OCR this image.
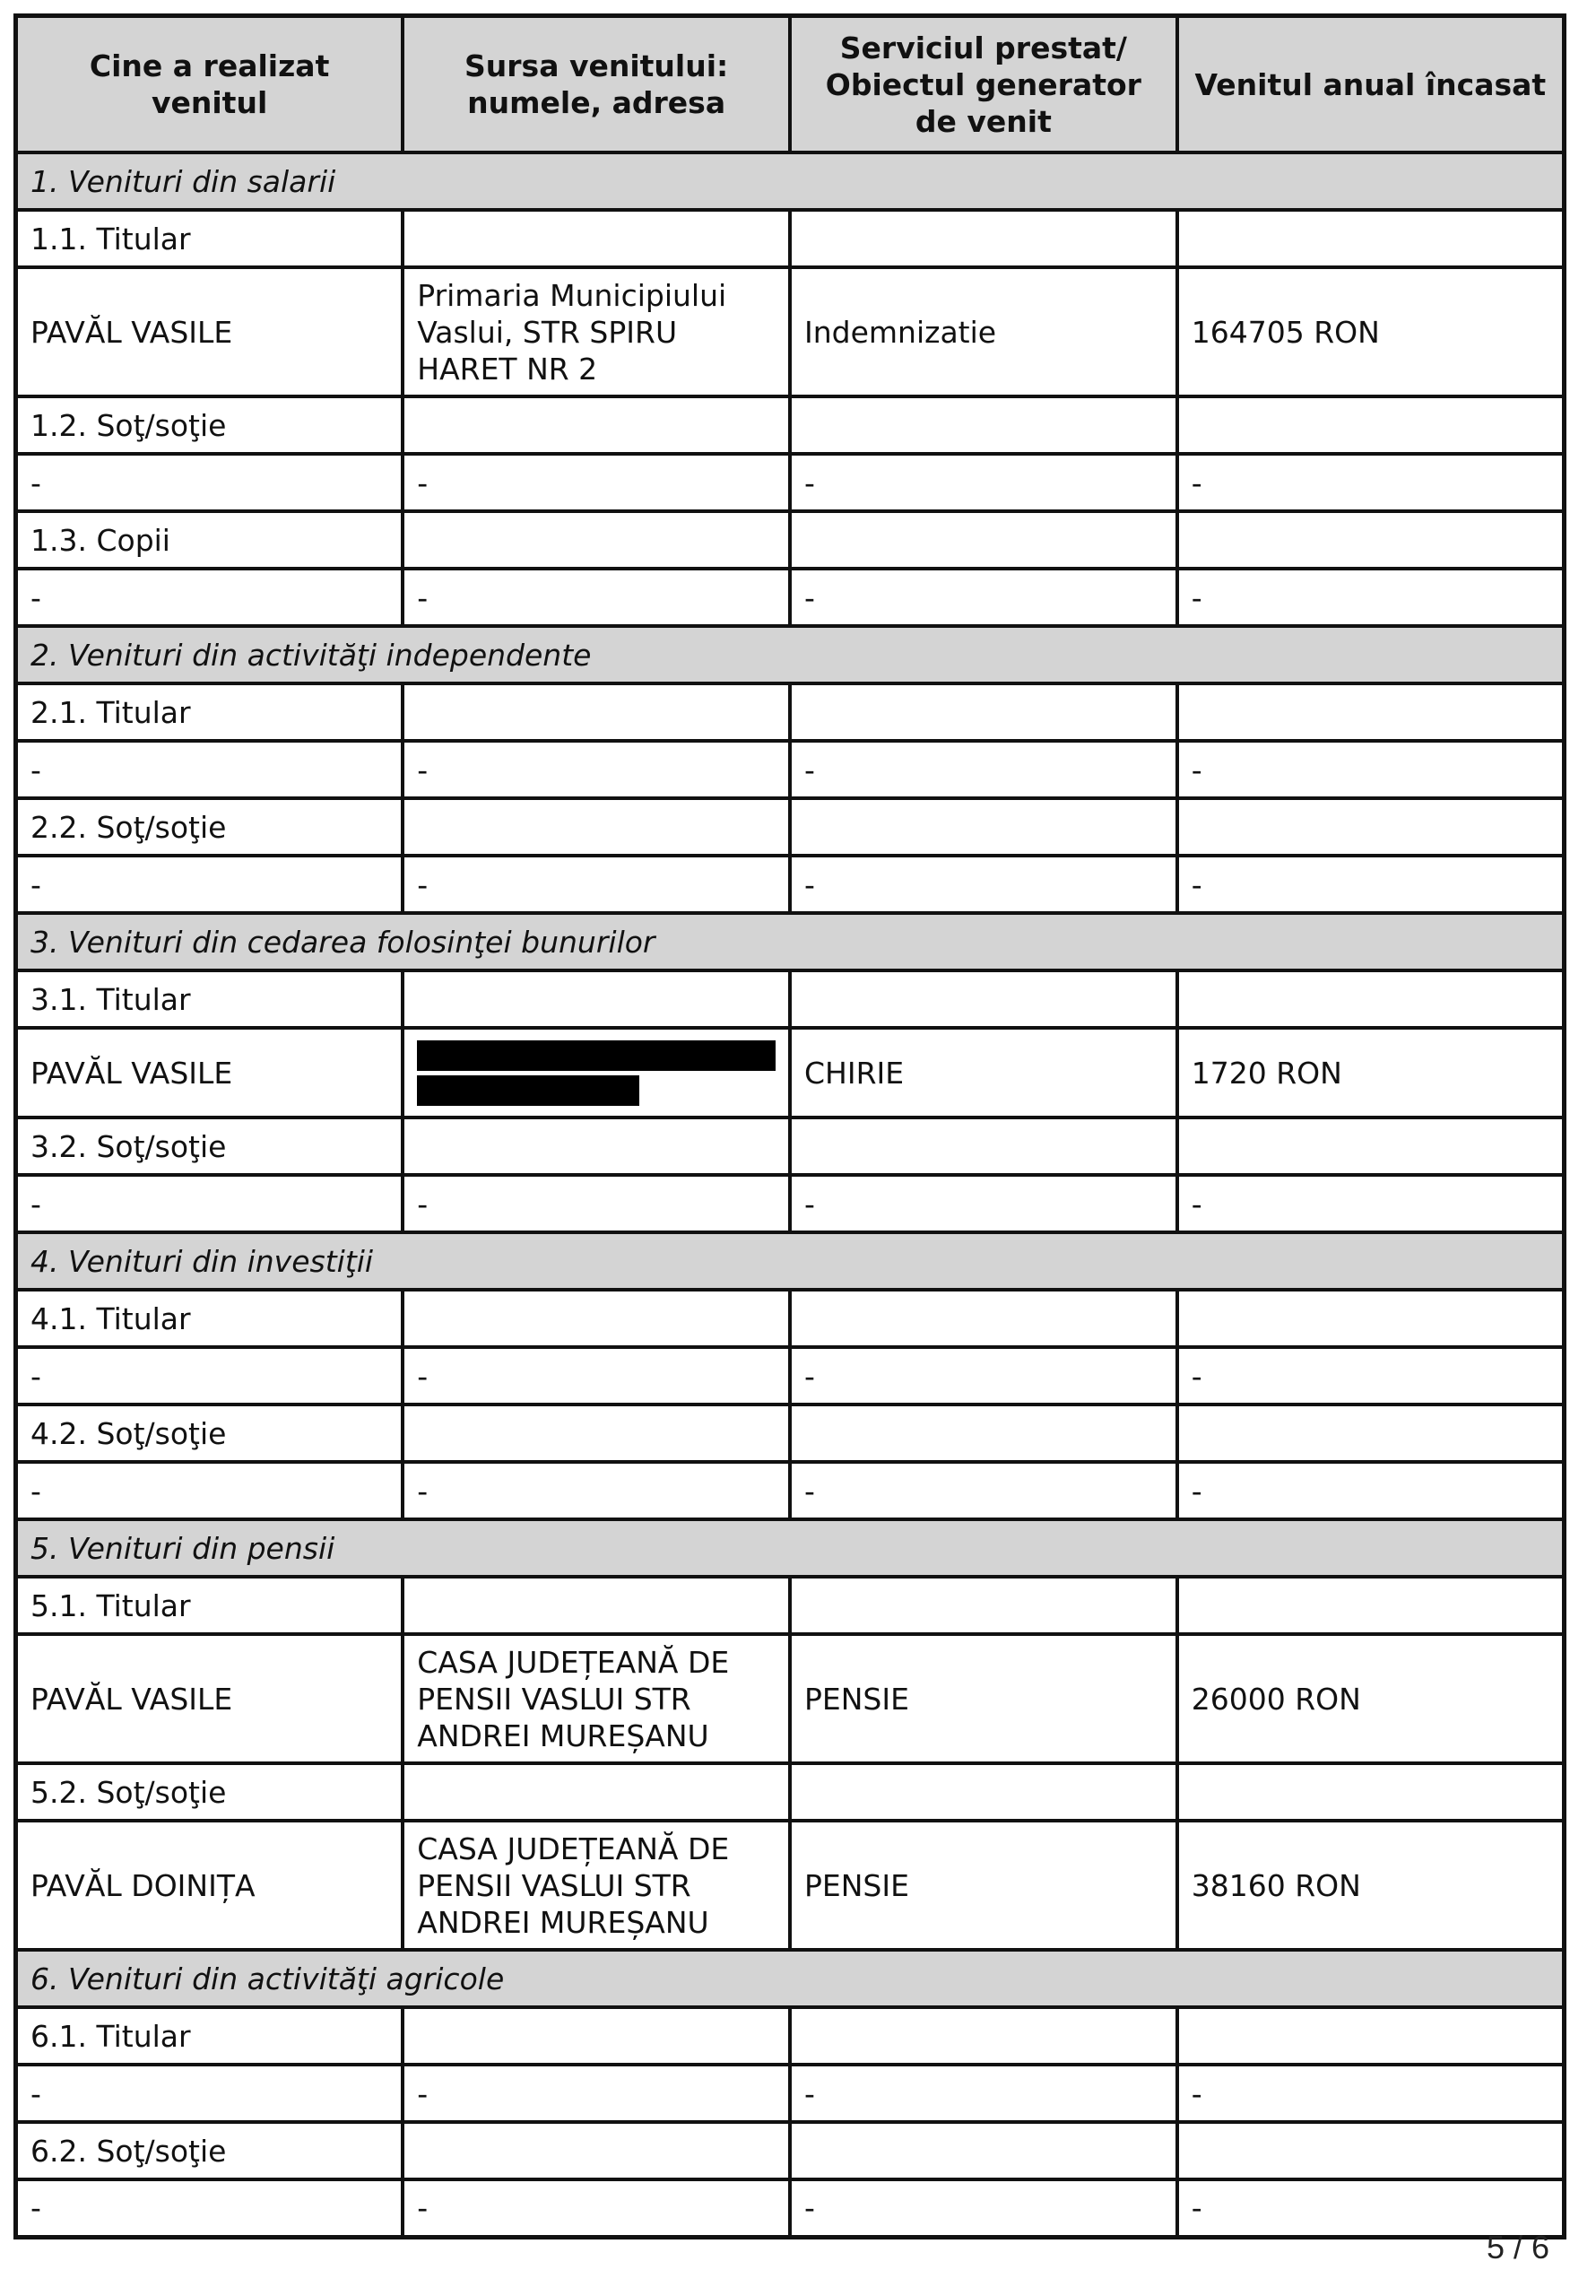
Cine a realizat venitul	Sursa venitului: numele, adresa	Serviciul prestat/ Obiectul generator de venit	Venitul anual încasat
1. Venituri din salarii			
1.1. Titular			
PAVĂL VASILE	Primaria Municipiului Vaslui, STR SPIRU HARET NR 2	Indemnizatie	164705 RON
1.2. Soţ/soţie			
-	-	-	-
1.3. Copii			
-	-	-	-
2. Venituri din activităţi independente			
2.1. Titular			
-	-	-	-
2.2. Soţ/soţie			
-	-	-	-
3. Venituri din cedarea folosinţei bunurilor			
3.1. Titular			
PAVĂL VASILE		CHIRIE	1720 RON
3.2. Soţ/soţie			
-	-	-	-
4. Venituri din investiţii			
4.1. Titular			
-	-	-	-
4.2. Soţ/soţie			
-	-	-	-
5. Venituri din pensii			
5.1. Titular			
PAVĂL VASILE	CASA JUDEȚEANĂ DE PENSII VASLUI STR ANDREI MUREȘANU	PENSIE	26000 RON
5.2. Soţ/soţie			
PAVĂL DOINIȚA	CASA JUDEȚEANĂ DE PENSII VASLUI STR ANDREI MUREȘANU	PENSIE	38160 RON
6. Venituri din activităţi agricole			
6.1. Titular			
-	-	-	-
6.2. Soţ/soţie			
-	-	-	-
5 / 6
